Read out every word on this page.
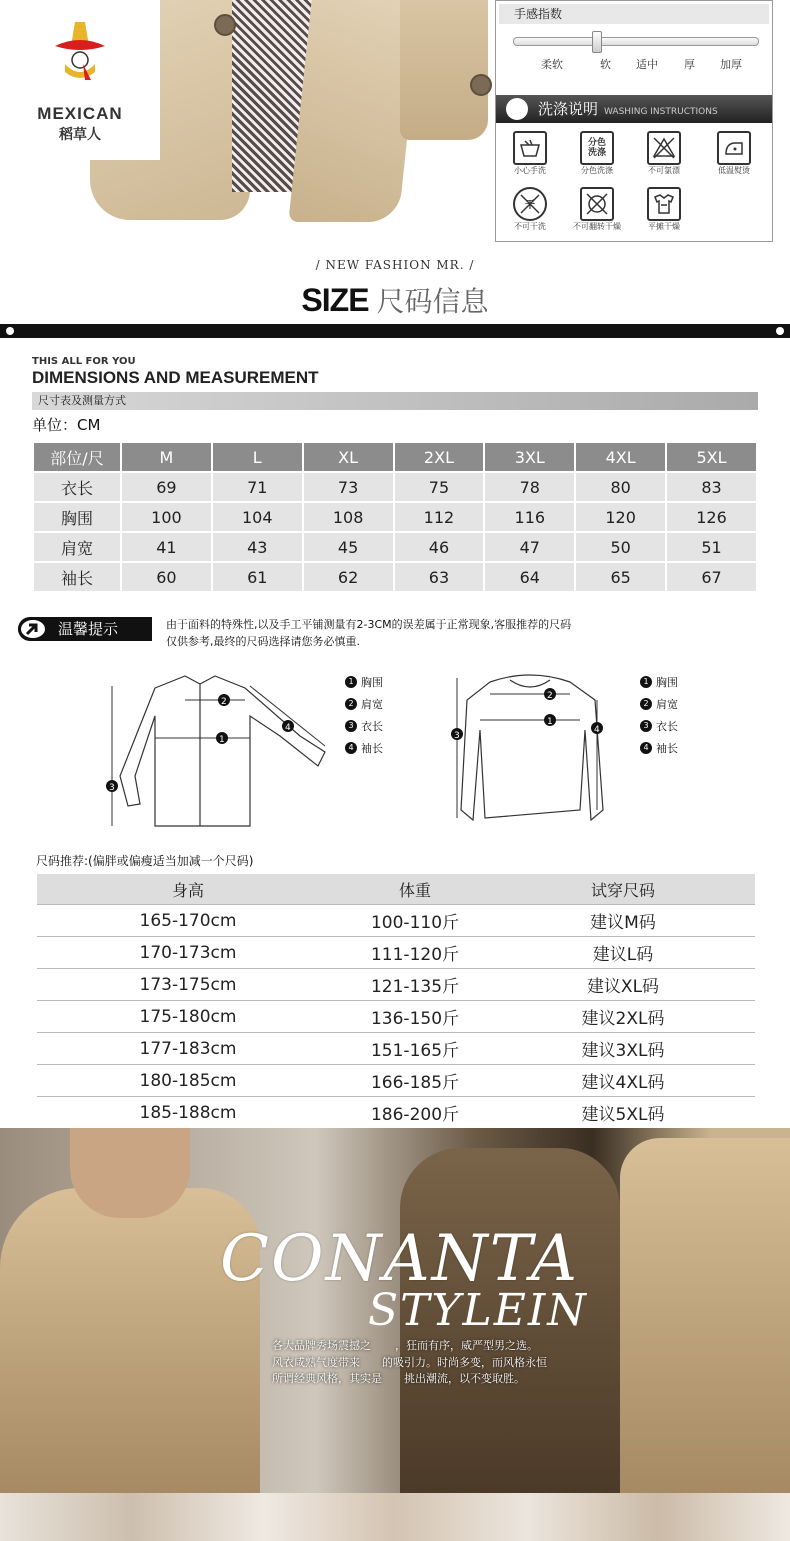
MEXICAN
稻草人
手感指数
柔软	软 适中 厚 加厚
洗涤说明 WASHING INSTRUCTIONS
小心手洗
分色
洗涤
分色洗涤	不可氯漂	低温熨烫
干
不可干洗	不可翻转干燥	平摊干燥
/ NEW FASHION MR. /
SIZE 尺码信息
THIS ALL FOR YOU
DIMENSIONS AND MEASUREMENT
尺寸表及测量方式
单位：CM
部位/尺	M	L	XL	2XL	3XL	4XL	5XL
衣长	69	71	73	75	78	80	83
胸围	100	104	108	112	116	120	126
肩宽	41	43	45	46	47	50	51
袖长	60	61	62	63	64	65	67
温馨提示	由于面料的特殊性,以及手工平铺测量有2-3CM的误差属于正常现象,客服推荐的尺码
仅供参考,最终的尺码选择请您务必慎重.
1
2
3
4
1 胸围
2 肩宽
3 衣长
4 袖长
1
2
3
4
1 胸围
2 肩宽
3 衣长
4 袖长
尺码推荐:(偏胖或偏瘦适当加减一个尺码)
身高	体重	试穿尺码
165-170cm	100-110斤	建议M码
170-173cm	111-120斤	建议L码
173-175cm	121-135斤	建议XL码
175-180cm	136-150斤	建议2XL码
177-183cm	151-165斤	建议3XL码
180-185cm	166-185斤	建议4XL码
185-188cm	186-200斤	建议5XL码
CONANTA
STYLEIN
各大品牌秀场震撼之 ，狂而有序，威严型男之选。
风衣咸熟气度带来 的吸引力。时尚多变，而风格永恒
所谓经典风格，其实是 挑出潮流，以不变取胜。
